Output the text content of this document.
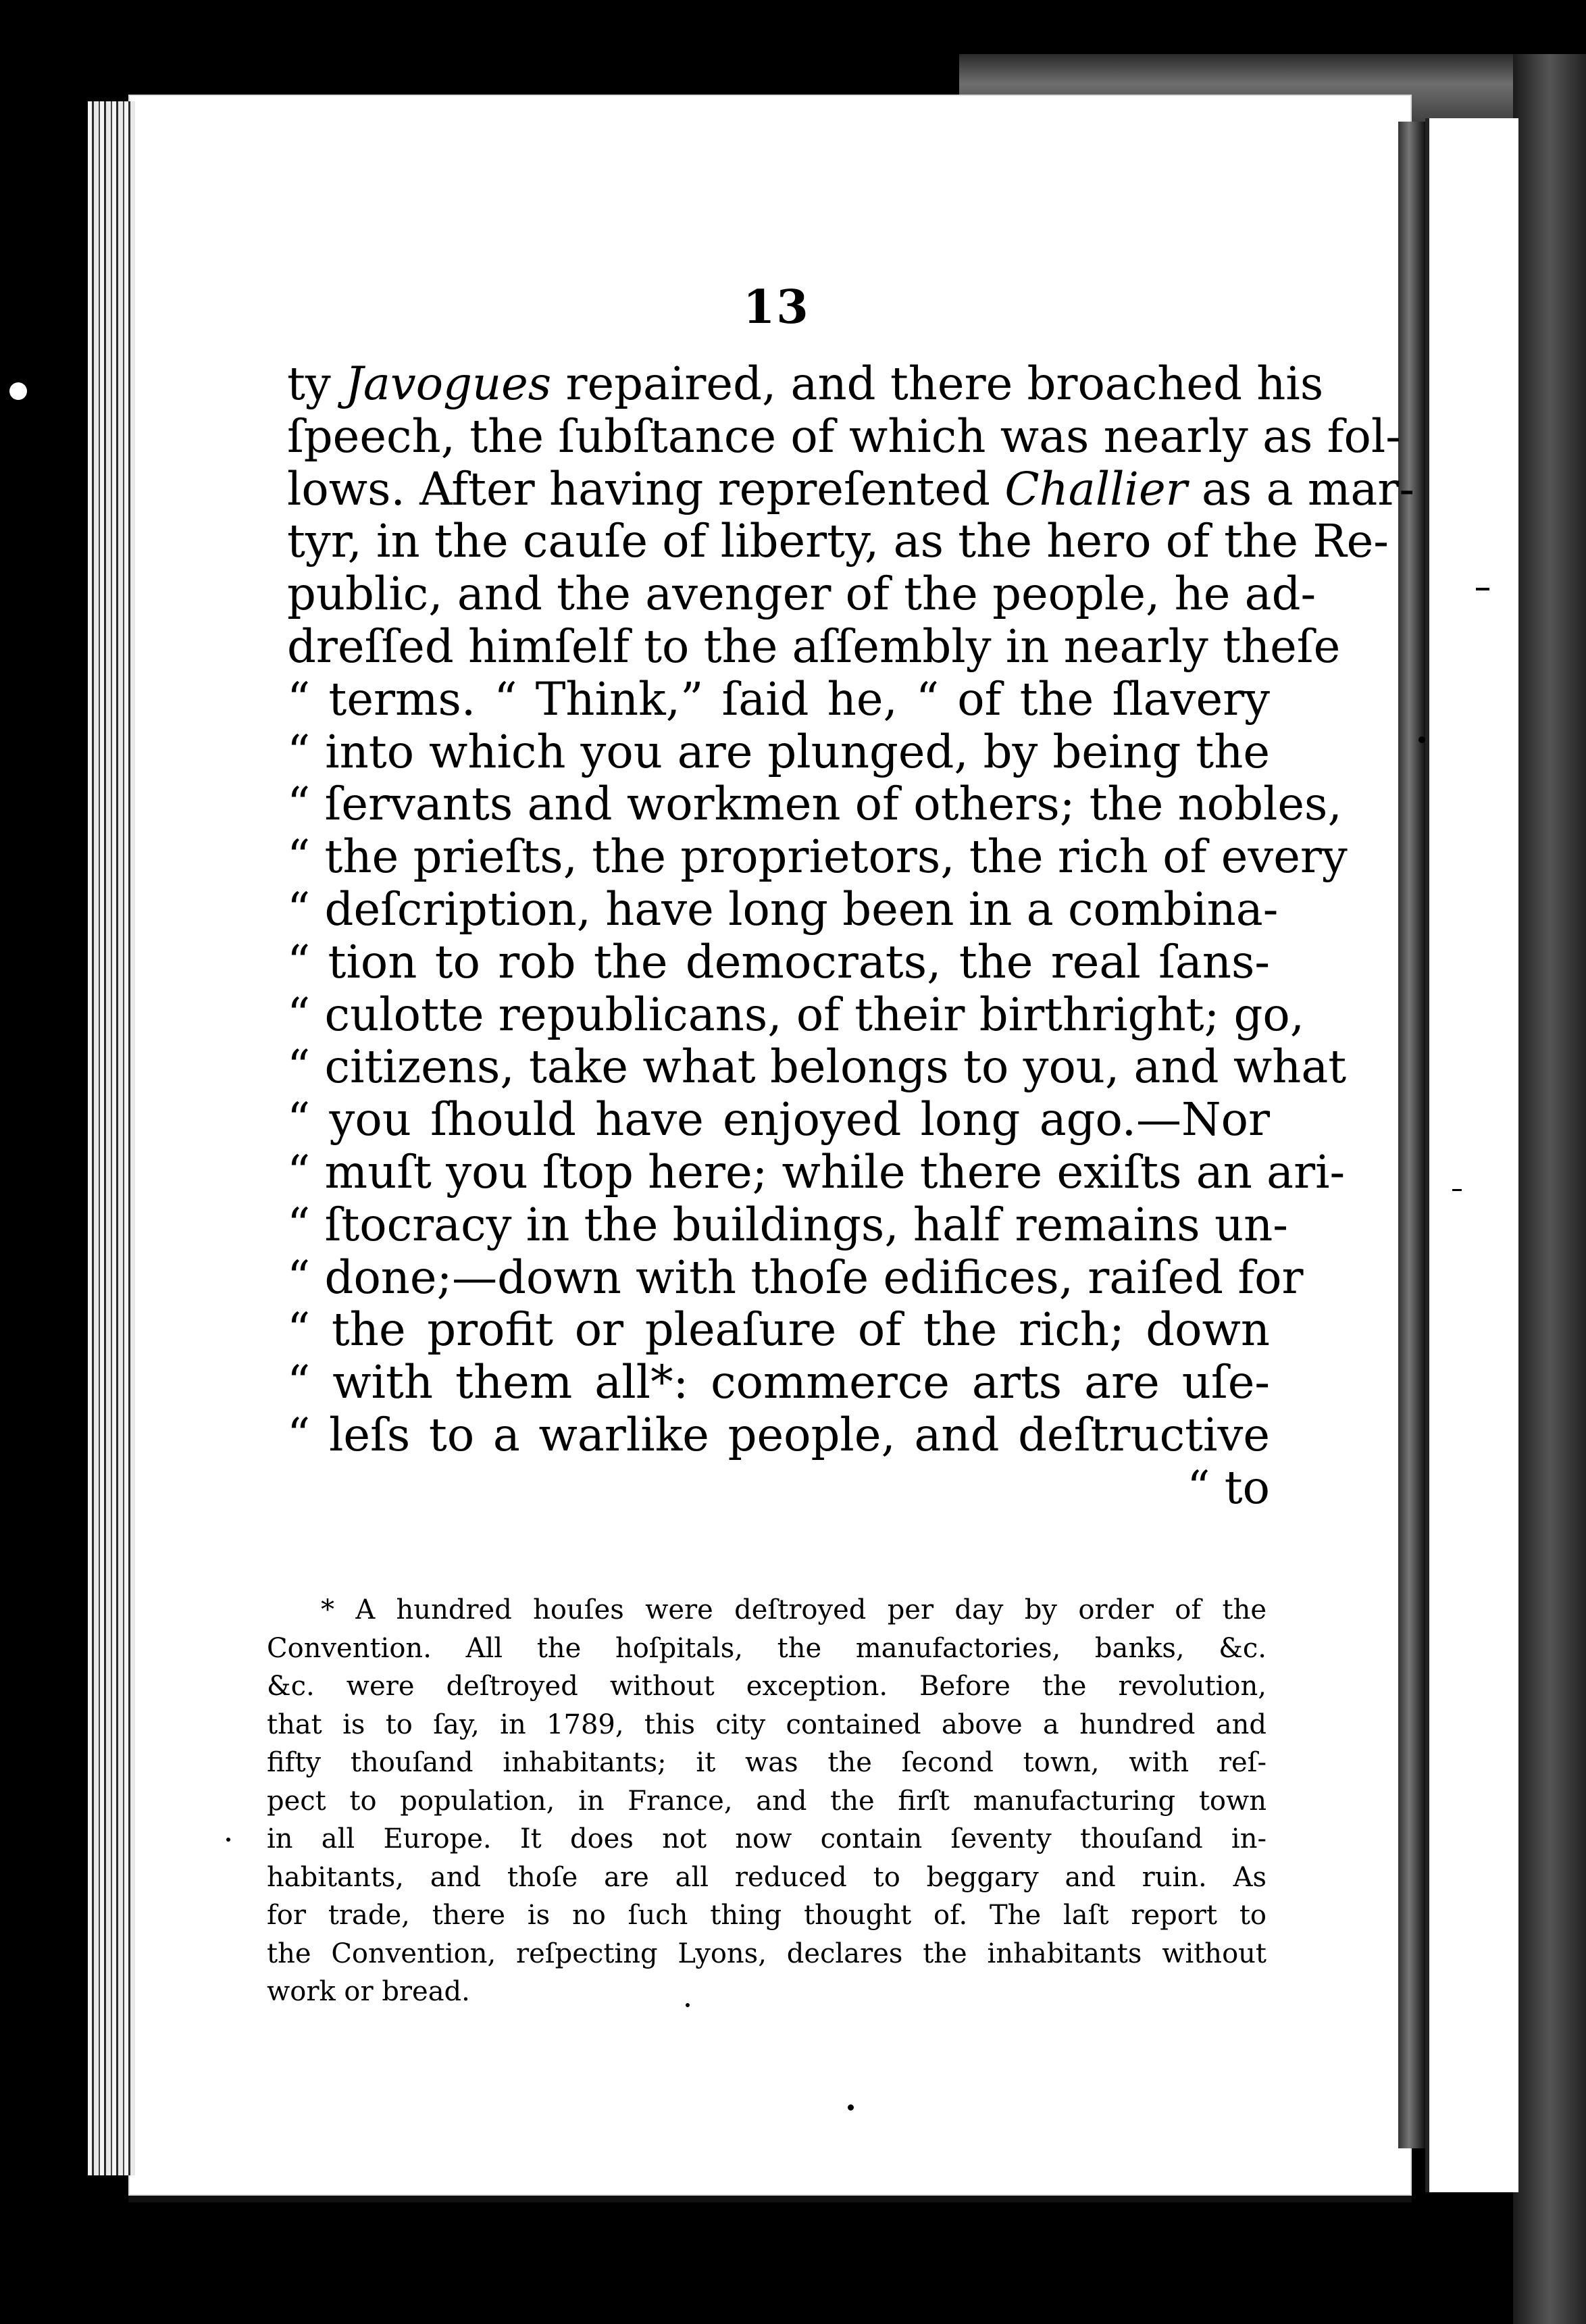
13
ty Javogues repaired, and there broached his
ſpeech, the ſubſtance of which was nearly as fol-
lows. After having repreſented Challier as a mar-
tyr, in the cauſe of liberty, as the hero of the Re-
public, and the avenger of the people, he ad-
dreſſed himſelf to the aſſembly in nearly theſe
“ terms. “ Think,” ſaid he, “ of the ſlavery
“ into which you are plunged, by being the
“ ſervants and workmen of others; the nobles,
“ the prieſts, the proprietors, the rich of every
“ deſcription, have long been in a combina-
“ tion to rob the democrats, the real ſans-
“ culotte republicans, of their birthright; go,
“ citizens, take what belongs to you, and what
“ you ſhould have enjoyed long ago.—Nor
“ muſt you ſtop here; while there exiſts an ari-
“ ſtocracy in the buildings, half remains un-
“ done;—down with thoſe edifices, raiſed for
“ the profit or pleaſure of the rich; down
“ with them all*: commerce arts are uſe-
“ leſs to a warlike people, and deſtructive
“ to
* A hundred houſes were deſtroyed per day by order of the
Convention. All the hoſpitals, the manufactories, banks, &c.
&c. were deſtroyed without exception. Before the revolution,
that is to ſay, in 1789, this city contained above a hundred and
fifty thouſand inhabitants; it was the ſecond town, with reſ-
pect to population, in France, and the firſt manufacturing town
in all Europe. It does not now contain ſeventy thouſand in-
habitants, and thoſe are all reduced to beggary and ruin. As
for trade, there is no ſuch thing thought of. The laſt report to
the Convention, reſpecting Lyons, declares the inhabitants without
work or bread.
